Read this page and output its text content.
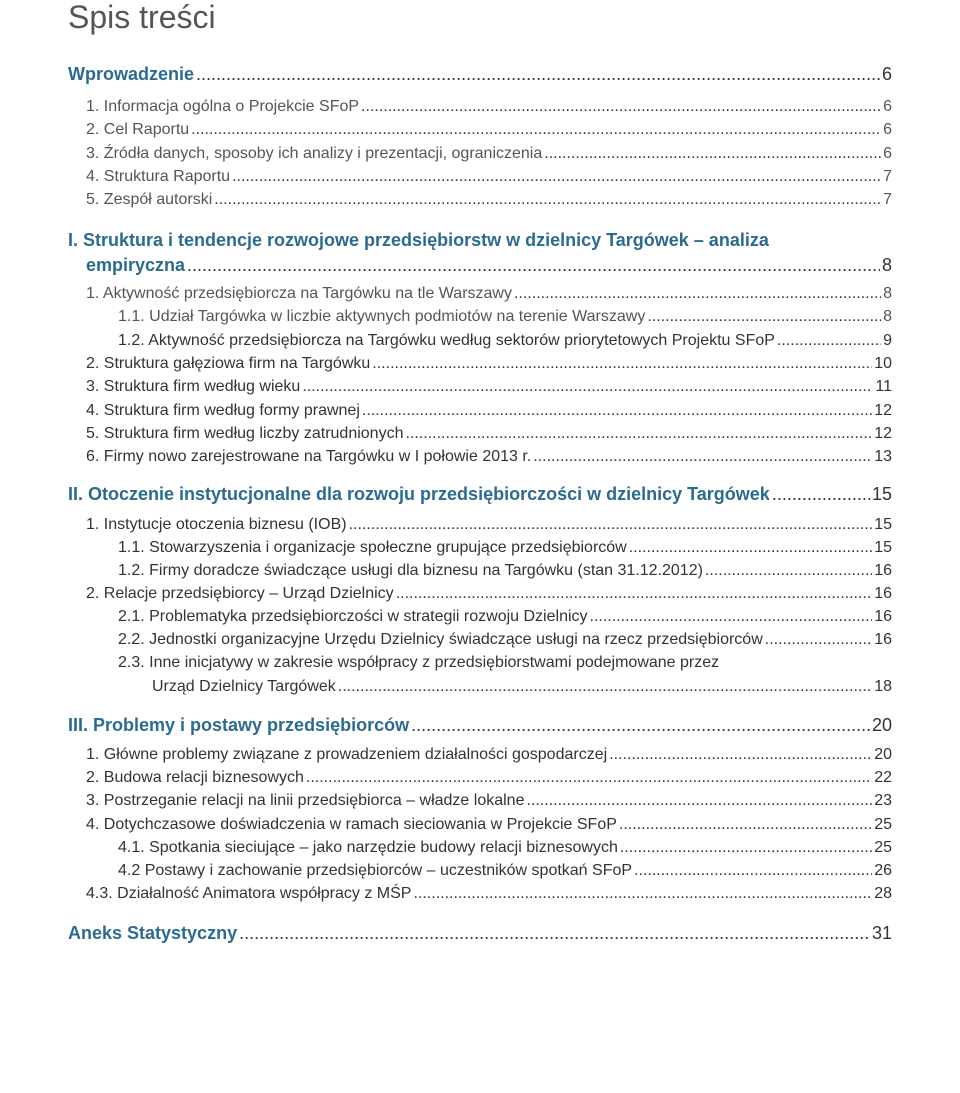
Spis treści
Wprowadzenie .....	6
1. Informacja ogólna o Projekcie SFoP .....	6
2. Cel Raportu .....	6
3. Źródła danych, sposoby ich analizy i prezentacji, ograniczenia .....	6
4. Struktura Raportu .....	7
5. Zespół autorski .....	7
I. Struktura i tendencje rozwojowe przedsiębiorstw w dzielnicy Targówek – analiza
empiryczna .....	8
1. Aktywność przedsiębiorcza na Targówku na tle Warszawy .....	8
1.1. Udział Targówka w liczbie aktywnych podmiotów na terenie Warszawy .....	8
1.2. Aktywność przedsiębiorcza na Targówku według sektorów priorytetowych Projektu SFoP .....	9
2. Struktura gałęziowa firm na Targówku .....	10
3. Struktura firm według wieku .....	11
4. Struktura firm według formy prawnej .....	12
5. Struktura firm według liczby zatrudnionych .....	12
6. Firmy nowo zarejestrowane na Targówku w I połowie 2013 r. .....	13
II. Otoczenie instytucjonalne dla rozwoju przedsiębiorczości w dzielnicy Targówek .....	15
1. Instytucje otoczenia biznesu (IOB) .....	15
1.1. Stowarzyszenia i organizacje społeczne grupujące przedsiębiorców .....	15
1.2. Firmy doradcze świadczące usługi dla biznesu na Targówku (stan 31.12.2012) .....	16
2. Relacje przedsiębiorcy – Urząd Dzielnicy .....	16
2.1. Problematyka przedsiębiorczości w strategii rozwoju Dzielnicy .....	16
2.2. Jednostki organizacyjne Urzędu Dzielnicy świadczące usługi na rzecz przedsiębiorców .....	16
2.3. Inne inicjatywy w zakresie współpracy z przedsiębiorstwami podejmowane przez
Urząd Dzielnicy Targówek .....	18
III. Problemy i postawy przedsiębiorców .....	20
1. Główne problemy związane z prowadzeniem działalności gospodarczej .....	20
2. Budowa relacji biznesowych .....	22
3. Postrzeganie relacji na linii przedsiębiorca – władze lokalne .....	23
4. Dotychczasowe doświadczenia w ramach sieciowania w Projekcie SFoP .....	25
4.1. Spotkania sieciujące – jako narzędzie budowy relacji biznesowych .....	25
4.2 Postawy i zachowanie przedsiębiorców – uczestników spotkań SFoP .....	26
4.3. Działalność Animatora współpracy z MŚP .....	28
Aneks Statystyczny .....	31
